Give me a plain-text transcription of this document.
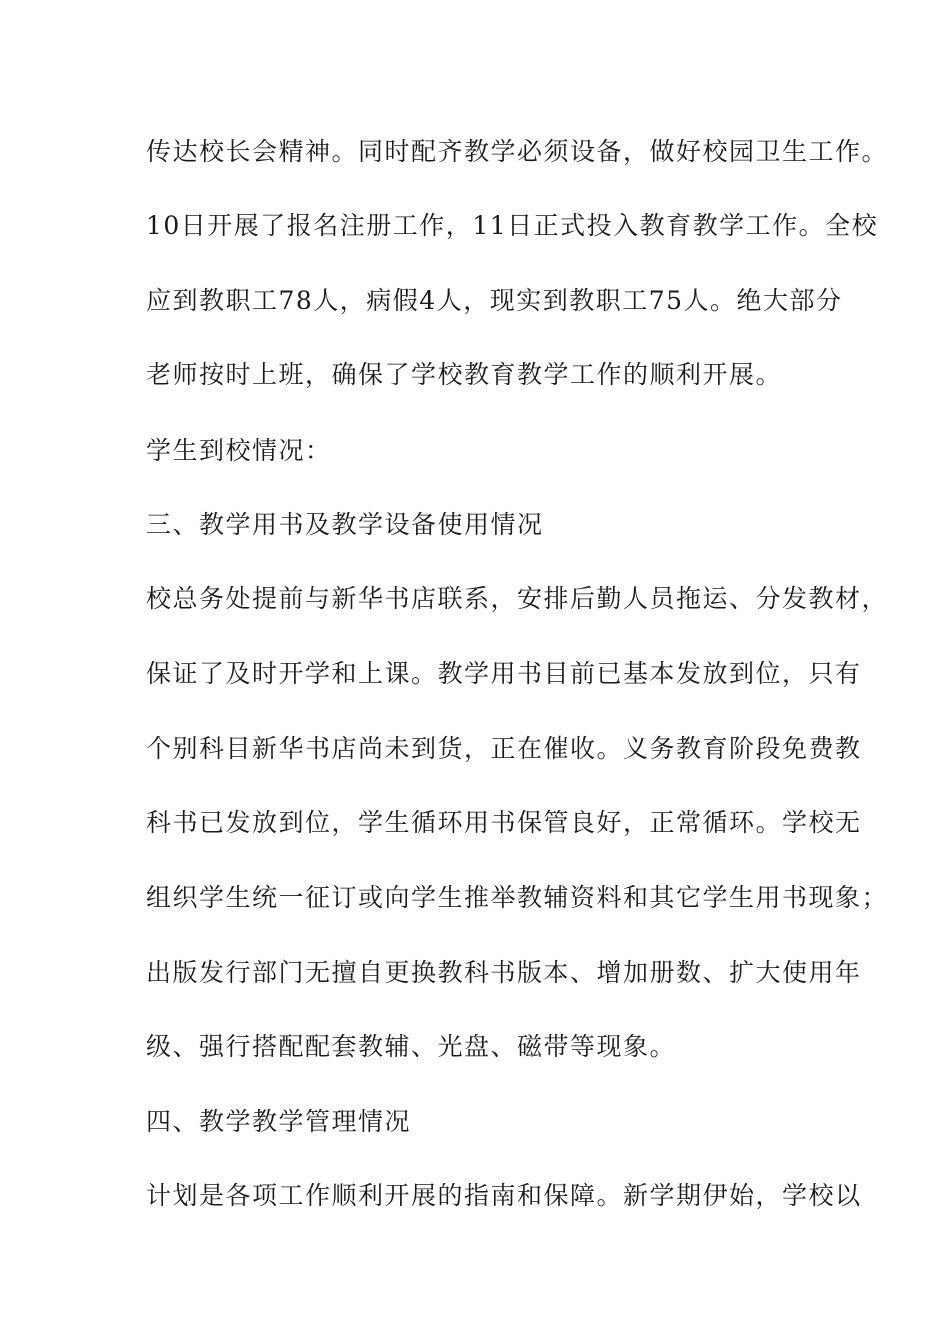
传达校长会精神。同时配齐教学必须设备，做好校园卫生工作。
10日开展了报名注册工作，11日正式投入教育教学工作。全校
应到教职工78人，病假4人，现实到教职工75人。绝大部分
老师按时上班，确保了学校教育教学工作的顺利开展。
学生到校情况：
三、教学用书及教学设备使用情况
校总务处提前与新华书店联系，安排后勤人员拖运、分发教材，
保证了及时开学和上课。教学用书目前已基本发放到位，只有
个别科目新华书店尚未到货，正在催收。义务教育阶段免费教
科书已发放到位，学生循环用书保管良好，正常循环。学校无
组织学生统一征订或向学生推举教辅资料和其它学生用书现象；
出版发行部门无擅自更换教科书版本、增加册数、扩大使用年
级、强行搭配配套教辅、光盘、磁带等现象。
四、教学教学管理情况
计划是各项工作顺利开展的指南和保障。新学期伊始，学校以
